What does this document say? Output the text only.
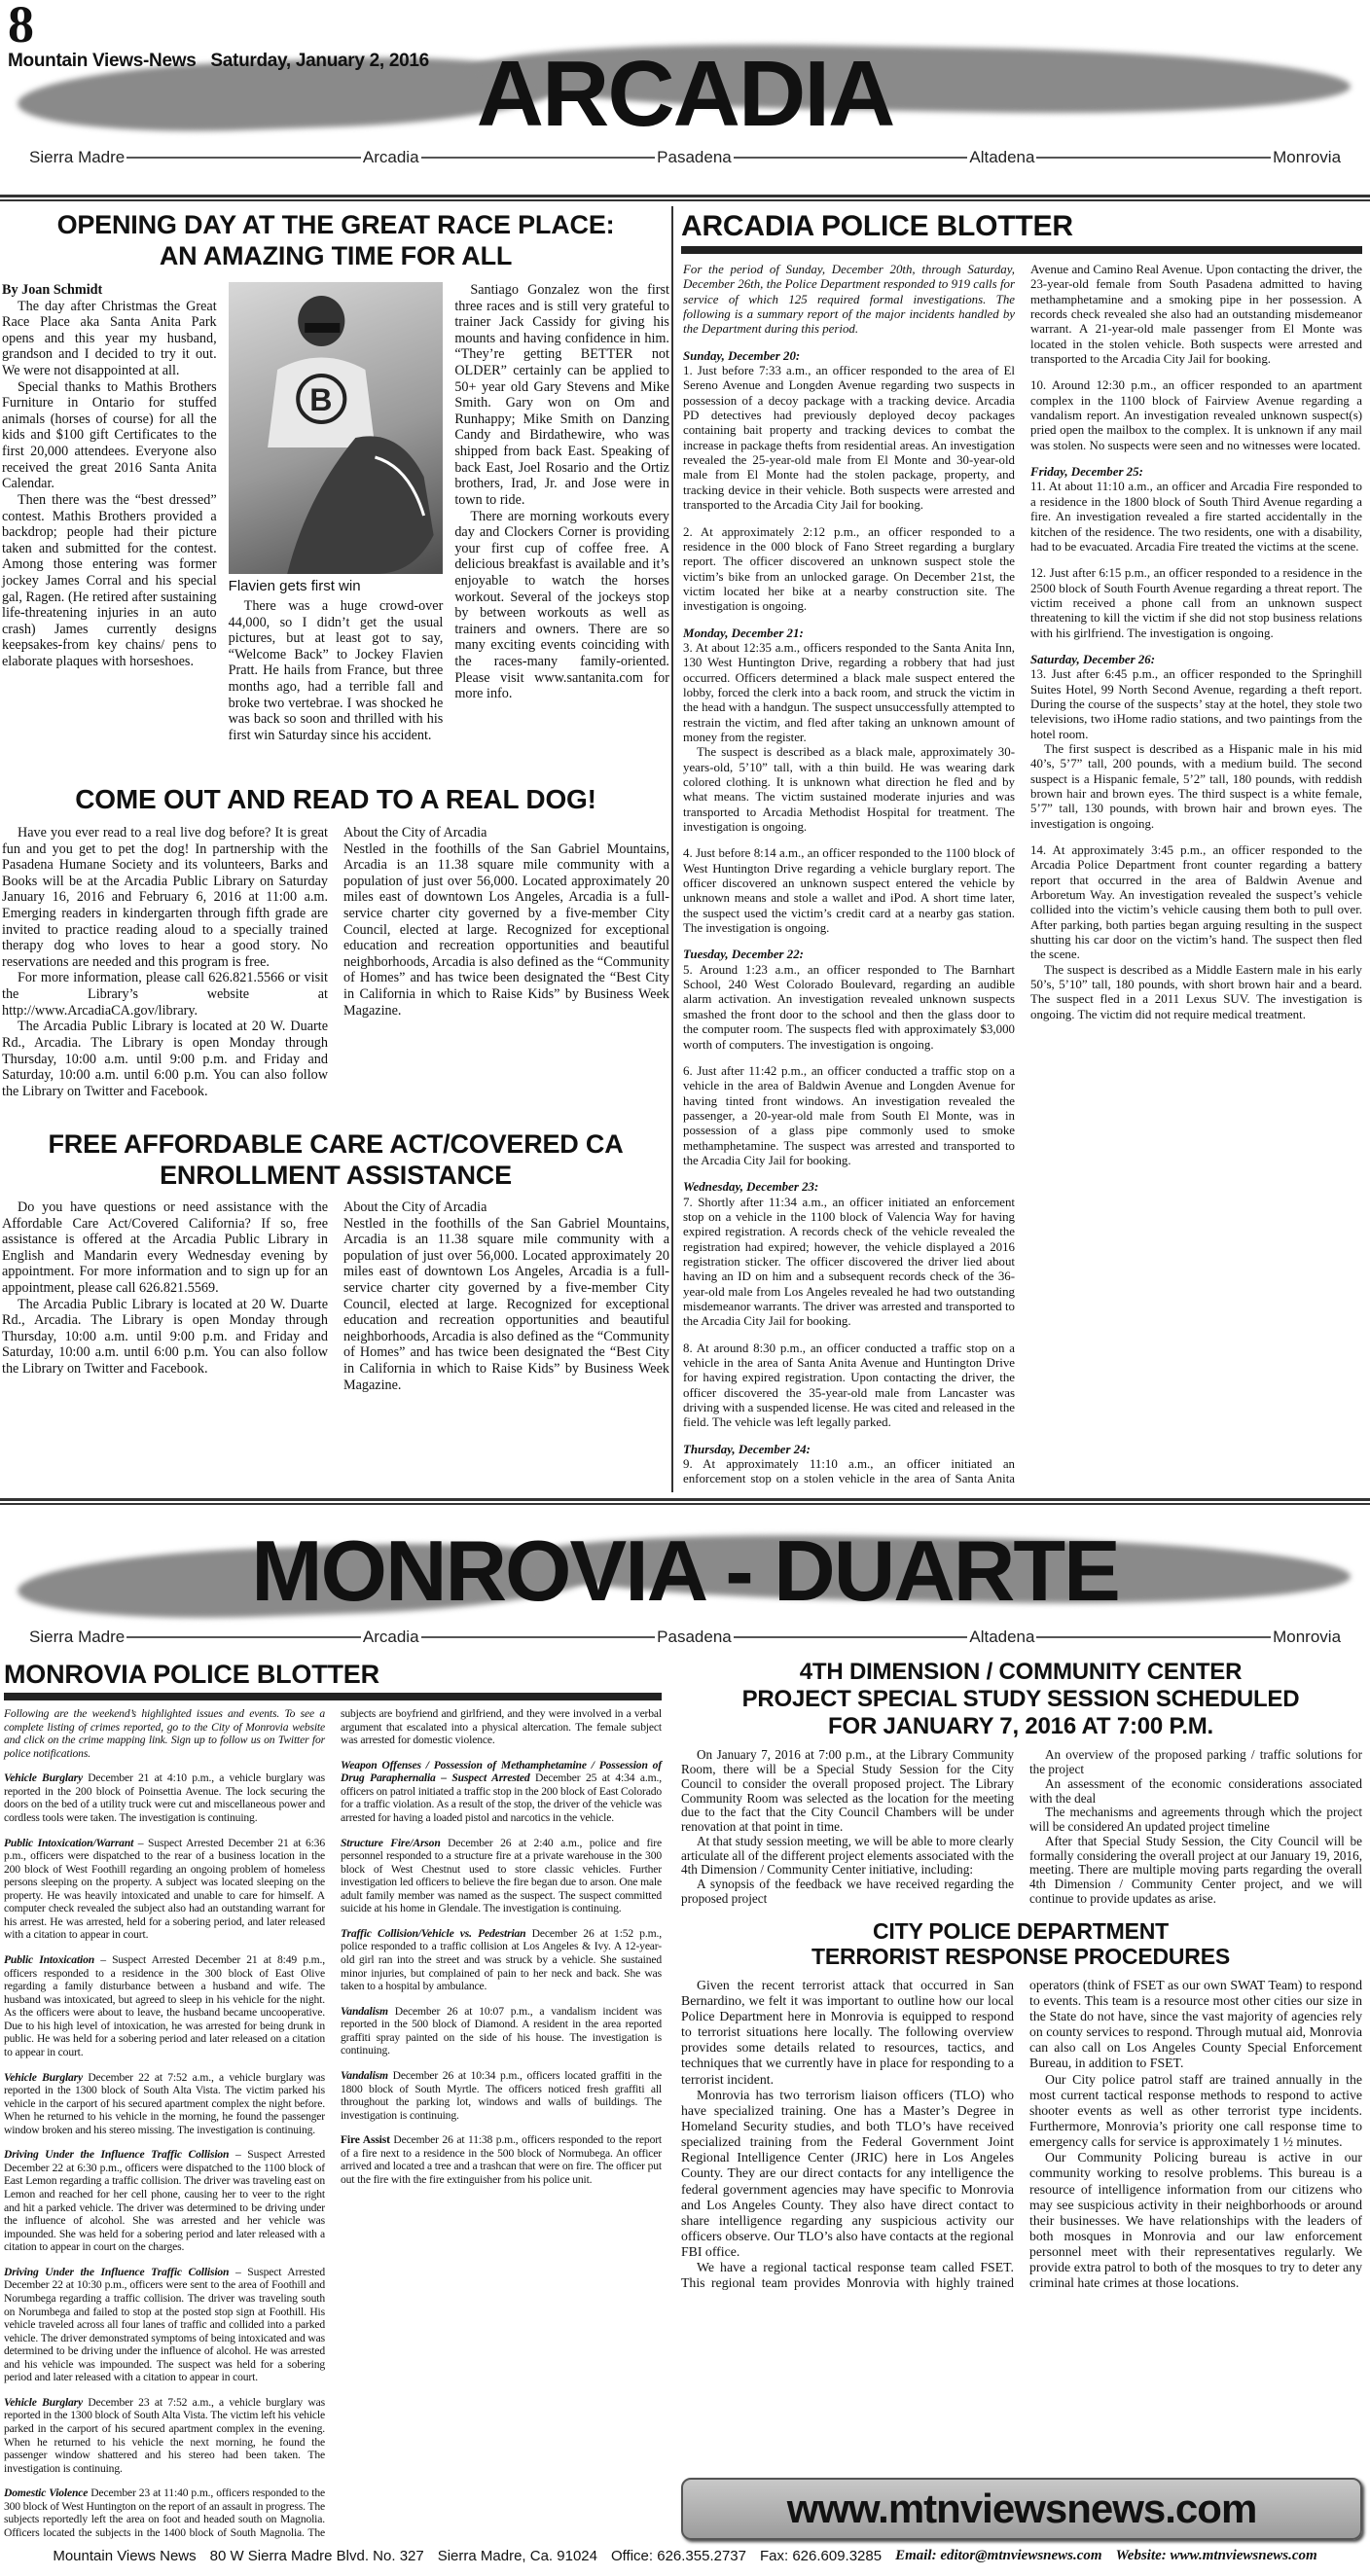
8
ARCADIA
Sierra Madre	Arcadia	Pasadena	Altadena	Monrovia
Mountain Views-News   Saturday, January 2, 2016
OPENING DAY AT THE GREAT RACE PLACE:
AN AMAZING TIME FOR ALL

By Joan Schmidt

The day after Christmas the Great Race Place aka Santa Anita Park opens and this year my husband, grandson and I decided to try it out. We were not disappointed at all.

Special thanks to Mathis Brothers Furniture in Ontario for stuffed animals (horses of course) for all the kids and $100 gift Certificates to the first 20,000 attendees. Everyone also received the great 2016 Santa Anita Calendar.

Then there was the “best dressed” contest. Mathis Brothers provided a backdrop; people had their picture taken and submitted for the contest. Among those entering was former jockey James Corral and his special gal, Ragen. (He retired after sustaining life-threatening injuries in an auto crash) James currently designs keepsakes-from key chains/ pens to elaborate plaques with horseshoes.

B
Flavien gets first win

There was a huge crowd-over 44,000, so I didn’t get the usual pictures, but at least got to say, “Welcome Back” to Jockey Flavien Pratt. He hails from France, but three months ago, had a terrible fall and broke two vertebrae. I was shocked he was back so soon and thrilled with his first win Saturday since his accident.

Santiago Gonzalez won the first three races and is still very grateful to trainer Jack Cassidy for giving his mounts and having confidence in him. “They’re getting BETTER not OLDER” certainly can be applied to 50+ year old Gary Stevens and Mike Smith. Gary won on Om and Runhappy; Mike Smith on Danzing Candy and Birdathewire, who was shipped from back East. Speaking of back East, Joel Rosario and the Ortiz brothers, Irad, Jr. and Jose were in town to ride.

There are morning workouts every day and Clockers Corner is providing your first cup of coffee free. A delicious breakfast is available and it’s enjoyable to watch the horses workout. Several of the jockeys stop by between workouts as well as trainers and owners. There are so many exciting events coinciding with the races-many family-oriented. Please visit www.santanita.com for more info.

COME OUT AND READ TO A REAL DOG!

Have you ever read to a real live dog before? It is great fun and you get to pet the dog! In partnership with the Pasadena Humane Society and its volunteers, Barks and Books will be at the Arcadia Public Library on Saturday January 16, 2016 and February 6, 2016 at 11:00 a.m. Emerging readers in kindergarten through fifth grade are invited to practice reading aloud to a specially trained therapy dog who loves to hear a good story. No reservations are needed and this program is free.

For more information, please call 626.821.5566 or visit the Library’s website at http://www.ArcadiaCA.gov/library.

The Arcadia Public Library is located at 20 W. Duarte Rd., Arcadia. The Library is open Monday through Thursday, 10:00 a.m. until 9:00 p.m. and Friday and Saturday, 10:00 a.m. until 6:00 p.m. You can also follow the Library on Twitter and Facebook.

About the City of Arcadia

Nestled in the foothills of the San Gabriel Mountains, Arcadia is an 11.38 square mile community with a population of just over 56,000. Located approximately 20 miles east of downtown Los Angeles, Arcadia is a full-service charter city governed by a five-member City Council, elected at large. Recognized for exceptional education and recreation opportunities and beautiful neighborhoods, Arcadia is also defined as the “Community of Homes” and has twice been designated the “Best City in California in which to Raise Kids” by Business Week Magazine.

FREE AFFORDABLE CARE ACT/COVERED CA
ENROLLMENT ASSISTANCE

Do you have questions or need assistance with the Affordable Care Act/Covered California? If so, free assistance is offered at the Arcadia Public Library in English and Mandarin every Wednesday evening by appointment. For more information and to sign up for an appointment, please call 626.821.5569.

The Arcadia Public Library is located at 20 W. Duarte Rd., Arcadia. The Library is open Monday through Thursday, 10:00 a.m. until 9:00 p.m. and Friday and Saturday, 10:00 a.m. until 6:00 p.m. You can also follow the Library on Twitter and Facebook.

About the City of Arcadia

Nestled in the foothills of the San Gabriel Mountains, Arcadia is an 11.38 square mile community with a population of just over 56,000. Located approximately 20 miles east of downtown Los Angeles, Arcadia is a full-service charter city governed by a five-member City Council, elected at large. Recognized for exceptional education and recreation opportunities and beautiful neighborhoods, Arcadia is also defined as the “Community of Homes” and has twice been designated the “Best City in California in which to Raise Kids” by Business Week Magazine.

ARCADIA POLICE BLOTTER

For the period of Sunday, December 20th, through Saturday, December 26th, the Police Department responded to 919 calls for service of which 125 required formal investigations. The following is a summary report of the major incidents handled by the Department during this period.

Sunday, December 20:

1. Just before 7:33 a.m., an officer responded to the area of El Sereno Avenue and Longden Avenue regarding two suspects in possession of a decoy package with a tracking device. Arcadia PD detectives had previously deployed decoy packages containing bait property and tracking devices to combat the increase in package thefts from residential areas. An investigation revealed the 25-year-old male from El Monte and 30-year-old male from El Monte had the stolen package, property, and tracking device in their vehicle. Both suspects were arrested and transported to the Arcadia City Jail for booking.

2. At approximately 2:12 p.m., an officer responded to a residence in the 000 block of Fano Street regarding a burglary report. The officer discovered an unknown suspect stole the victim’s bike from an unlocked garage. On December 21st, the victim located her bike at a nearby construction site. The investigation is ongoing.

Monday, December 21:

3. At about 12:35 a.m., officers responded to the Santa Anita Inn, 130 West Huntington Drive, regarding a robbery that had just occurred. Officers determined a black male suspect entered the lobby, forced the clerk into a back room, and struck the victim in the head with a handgun. The suspect unsuccessfully attempted to restrain the victim, and fled after taking an unknown amount of money from the register.

The suspect is described as a black male, approximately 30-years-old, 5’10” tall, with a thin build. He was wearing dark colored clothing. It is unknown what direction he fled and by what means. The victim sustained moderate injuries and was transported to Arcadia Methodist Hospital for treatment. The investigation is ongoing.

4. Just before 8:14 a.m., an officer responded to the 1100 block of West Huntington Drive regarding a vehicle burglary report. The officer discovered an unknown suspect entered the vehicle by unknown means and stole a wallet and iPod. A short time later, the suspect used the victim’s credit card at a nearby gas station. The investigation is ongoing.

Tuesday, December 22:

5. Around 1:23 a.m., an officer responded to The Barnhart School, 240 West Colorado Boulevard, regarding an audible alarm activation. An investigation revealed unknown suspects smashed the front door to the school and then the glass door to the computer room. The suspects fled with approximately $3,000 worth of computers. The investigation is ongoing.

6. Just after 11:42 p.m., an officer conducted a traffic stop on a vehicle in the area of Baldwin Avenue and Longden Avenue for having tinted front windows. An investigation revealed the passenger, a 20-year-old male from South El Monte, was in possession of a glass pipe commonly used to smoke methamphetamine. The suspect was arrested and transported to the Arcadia City Jail for booking.

Wednesday, December 23:

7. Shortly after 11:34 a.m., an officer initiated an enforcement stop on a vehicle in the 1100 block of Valencia Way for having expired registration. A records check of the vehicle revealed the registration had expired; however, the vehicle displayed a 2016 registration sticker. The officer discovered the driver lied about having an ID on him and a subsequent records check of the 36-year-old male from Los Angeles revealed he had two outstanding misdemeanor warrants. The driver was arrested and transported to the Arcadia City Jail for booking.

8. At around 8:30 p.m., an officer conducted a traffic stop on a vehicle in the area of Santa Anita Avenue and Huntington Drive for having expired registration. Upon contacting the driver, the officer discovered the 35-year-old male from Lancaster was driving with a suspended license. He was cited and released in the field. The vehicle was left legally parked.

Thursday, December 24:

9. At approximately 11:10 a.m., an officer initiated an enforcement stop on a stolen vehicle in the area of Santa Anita Avenue and Camino Real Avenue. Upon contacting the driver, the 23-year-old female from South Pasadena admitted to having methamphetamine and a smoking pipe in her possession. A records check revealed she also had an outstanding misdemeanor warrant. A 21-year-old male passenger from El Monte was located in the stolen vehicle. Both suspects were arrested and transported to the Arcadia City Jail for booking.

10. Around 12:30 p.m., an officer responded to an apartment complex in the 1100 block of Fairview Avenue regarding a vandalism report. An investigation revealed unknown suspect(s) pried open the mailbox to the complex. It is unknown if any mail was stolen. No suspects were seen and no witnesses were located.

Friday, December 25:

11. At about 11:10 a.m., an officer and Arcadia Fire responded to a residence in the 1800 block of South Third Avenue regarding a fire. An investigation revealed a fire started accidentally in the kitchen of the residence. The two residents, one with a disability, had to be evacuated. Arcadia Fire treated the victims at the scene.

12. Just after 6:15 p.m., an officer responded to a residence in the 2500 block of South Fourth Avenue regarding a threat report. The victim received a phone call from an unknown suspect threatening to kill the victim if she did not stop business relations with his girlfriend. The investigation is ongoing.

Saturday, December 26:

13. Just after 6:45 p.m., an officer responded to the Springhill Suites Hotel, 99 North Second Avenue, regarding a theft report. During the course of the suspects’ stay at the hotel, they stole two televisions, two iHome radio stations, and two paintings from the hotel room.

The first suspect is described as a Hispanic male in his mid 40’s, 5’7” tall, 200 pounds, with a medium build. The second suspect is a Hispanic female, 5’2” tall, 180 pounds, with reddish brown hair and brown eyes. The third suspect is a white female, 5’7” tall, 130 pounds, with brown hair and brown eyes. The investigation is ongoing.

14. At approximately 3:45 p.m., an officer responded to the Arcadia Police Department front counter regarding a battery report that occurred in the area of Baldwin Avenue and Arboretum Way. An investigation revealed the suspect’s vehicle collided into the victim’s vehicle causing them both to pull over. After parking, both parties began arguing resulting in the suspect shutting his car door on the victim’s hand. The suspect then fled the scene.

The suspect is described as a Middle Eastern male in his early 50’s, 5’10” tall, 180 pounds, with short brown hair and a beard. The suspect fled in a 2011 Lexus SUV. The investigation is ongoing. The victim did not require medical treatment.

MONROVIA - DUARTE
Sierra Madre	Arcadia	Pasadena	Altadena	Monrovia
MONROVIA POLICE BLOTTER

Following are the weekend’s highlighted issues and events. To see a complete listing of crimes reported, go to the City of Monrovia website and click on the crime mapping link. Sign up to follow us on Twitter for police notifications.

Vehicle Burglary December 21 at 4:10 p.m., a vehicle burglary was reported in the 200 block of Poinsettia Avenue. The lock securing the doors on the bed of a utility truck were cut and miscellaneous power and cordless tools were taken. The investigation is continuing.

Public Intoxication/Warrant – Suspect Arrested December 21 at 6:36 p.m., officers were dispatched to the rear of a business location in the 200 block of West Foothill regarding an ongoing problem of homeless persons sleeping on the property. A subject was located sleeping on the property. He was heavily intoxicated and unable to care for himself. A computer check revealed the subject also had an outstanding warrant for his arrest. He was arrested, held for a sobering period, and later released with a citation to appear in court.

Public Intoxication – Suspect Arrested December 21 at 8:49 p.m., officers responded to a residence in the 300 block of East Olive regarding a family disturbance between a husband and wife. The husband was intoxicated, but agreed to sleep in his vehicle for the night. As the officers were about to leave, the husband became uncooperative. Due to his high level of intoxication, he was arrested for being drunk in public. He was held for a sobering period and later released on a citation to appear in court.

Vehicle Burglary December 22 at 7:52 a.m., a vehicle burglary was reported in the 1300 block of South Alta Vista. The victim parked his vehicle in the carport of his secured apartment complex the night before. When he returned to his vehicle in the morning, he found the passenger window broken and his stereo missing. The investigation is continuing.

Driving Under the Influence Traffic Collision – Suspect Arrested December 22 at 6:30 p.m., officers were dispatched to the 1100 block of East Lemon regarding a traffic collision. The driver was traveling east on Lemon and reached for her cell phone, causing her to veer to the right and hit a parked vehicle. The driver was determined to be driving under the influence of alcohol. She was arrested and her vehicle was impounded. She was held for a sobering period and later released with a citation to appear in court on the charges.

Driving Under the Influence Traffic Collision – Suspect Arrested December 22 at 10:30 p.m., officers were sent to the area of Foothill and Norumbega regarding a traffic collision. The driver was traveling south on Norumbega and failed to stop at the posted stop sign at Foothill. His vehicle traveled across all four lanes of traffic and collided into a parked vehicle. The driver demonstrated symptoms of being intoxicated and was determined to be driving under the influence of alcohol. He was arrested and his vehicle was impounded. The suspect was held for a sobering period and later released with a citation to appear in court.

Vehicle Burglary December 23 at 7:52 a.m., a vehicle burglary was reported in the 1300 block of South Alta Vista. The victim left his vehicle parked in the carport of his secured apartment complex in the evening. When he returned to his vehicle the next morning, he found the passenger window shattered and his stereo had been taken. The investigation is continuing.

Domestic Violence December 23 at 11:40 p.m., officers responded to the 300 block of West Huntington on the report of an assault in progress. The subjects reportedly left the area on foot and headed south on Magnolia. Officers located the subjects in the 1400 block of South Magnolia. The subjects are boyfriend and girlfriend, and they were involved in a verbal argument that escalated into a physical altercation. The female subject was arrested for domestic violence.

Weapon Offenses / Possession of Methamphetamine / Possession of Drug Paraphernalia – Suspect Arrested December 25 at 4:34 a.m., officers on patrol initiated a traffic stop in the 200 block of East Colorado for a traffic violation. As a result of the stop, the driver of the vehicle was arrested for having a loaded pistol and narcotics in the vehicle.

Structure Fire/Arson December 26 at 2:40 a.m., police and fire personnel responded to a structure fire at a private warehouse in the 300 block of West Chestnut used to store classic vehicles. Further investigation led officers to believe the fire began due to arson. One male adult family member was named as the suspect. The suspect committed suicide at his home in Glendale. The investigation is continuing.

Traffic Collision/Vehicle vs. Pedestrian December 26 at 1:52 p.m., police responded to a traffic collision at Los Angeles & Ivy. A 12-year-old girl ran into the street and was struck by a vehicle. She sustained minor injuries, but complained of pain to her neck and back. She was taken to a hospital by ambulance.

Vandalism December 26 at 10:07 p.m., a vandalism incident was reported in the 500 block of Diamond. A resident in the area reported graffiti spray painted on the side of his house. The investigation is continuing.

Vandalism December 26 at 10:34 p.m., officers located graffiti in the 1800 block of South Myrtle. The officers noticed fresh graffiti all throughout the parking lot, windows and walls of buildings. The investigation is continuing.

Fire Assist December 26 at 11:38 p.m., officers responded to the report of a fire next to a residence in the 500 block of Normubega. An officer arrived and located a tree and a trashcan that were on fire. The officer put out the fire with the fire extinguisher from his police unit.

4TH DIMENSION / COMMUNITY CENTER
PROJECT SPECIAL STUDY SESSION SCHEDULED
FOR JANUARY 7, 2016 AT 7:00 P.M.

On January 7, 2016 at 7:00 p.m., at the Library Community Room, there will be a Special Study Session for the City Council to consider the overall proposed project. The Library Community Room was selected as the location for the meeting due to the fact that the City Council Chambers will be under renovation at that point in time.

At that study session meeting, we will be able to more clearly articulate all of the different project elements associated with the 4th Dimension / Community Center initiative, including:

A synopsis of the feedback we have received regarding the proposed project

An overview of the proposed parking / traffic solutions for the project

An assessment of the economic considerations associated with the deal

The mechanisms and agreements through which the project will be considered An updated project timeline

After that Special Study Session, the City Council will be formally considering the overall project at our January 19, 2016, meeting. There are multiple moving parts regarding the overall 4th Dimension / Community Center project, and we will continue to provide updates as arise.

CITY POLICE DEPARTMENT
TERRORIST RESPONSE PROCEDURES

Given the recent terrorist attack that occurred in San Bernardino, we felt it was important to outline how our local Police Department here in Monrovia is equipped to respond to terrorist situations here locally. The following overview provides some details related to resources, tactics, and techniques that we currently have in place for responding to a terrorist incident.

Monrovia has two terrorism liaison officers (TLO) who have specialized training. One has a Master’s Degree in Homeland Security studies, and both TLO’s have received specialized training from the Federal Government Joint Regional Intelligence Center (JRIC) here in Los Angeles County. They are our direct contacts for any intelligence the federal government agencies may have specific to Monrovia and Los Angeles County. They also have direct contact to share intelligence regarding any suspicious activity our officers observe. Our TLO’s also have contacts at the regional FBI office.

We have a regional tactical response team called FSET. This regional team provides Monrovia with highly trained operators (think of FSET as our own SWAT Team) to respond to events. This team is a resource most other cities our size in the State do not have, since the vast majority of agencies rely on county services to respond. Through mutual aid, Monrovia can also call on Los Angeles County Special Enforcement Bureau, in addition to FSET.

Our City police patrol staff are trained annually in the most current tactical response methods to respond to active shooter events as well as other terrorist type incidents. Furthermore, Monrovia’s priority one call response time to emergency calls for service is approximately 1 ½ minutes.

Our Community Policing bureau is active in our community working to resolve problems. This bureau is a resource of intelligence information from our citizens who may see suspicious activity in their neighborhoods or around their businesses. We have relationships with the leaders of both mosques in Monrovia and our law enforcement personnel meet with their representatives regularly. We provide extra patrol to both of the mosques to try to deter any criminal hate crimes at those locations.

www.mtnviewsnews.com
Mountain Views News 80 W Sierra Madre Blvd. No. 327 Sierra Madre, Ca. 91024 Office: 626.355.2737 Fax: 626.609.3285 Email: editor@mtnviewsnews.com Website: www.mtnviewsnews.com
